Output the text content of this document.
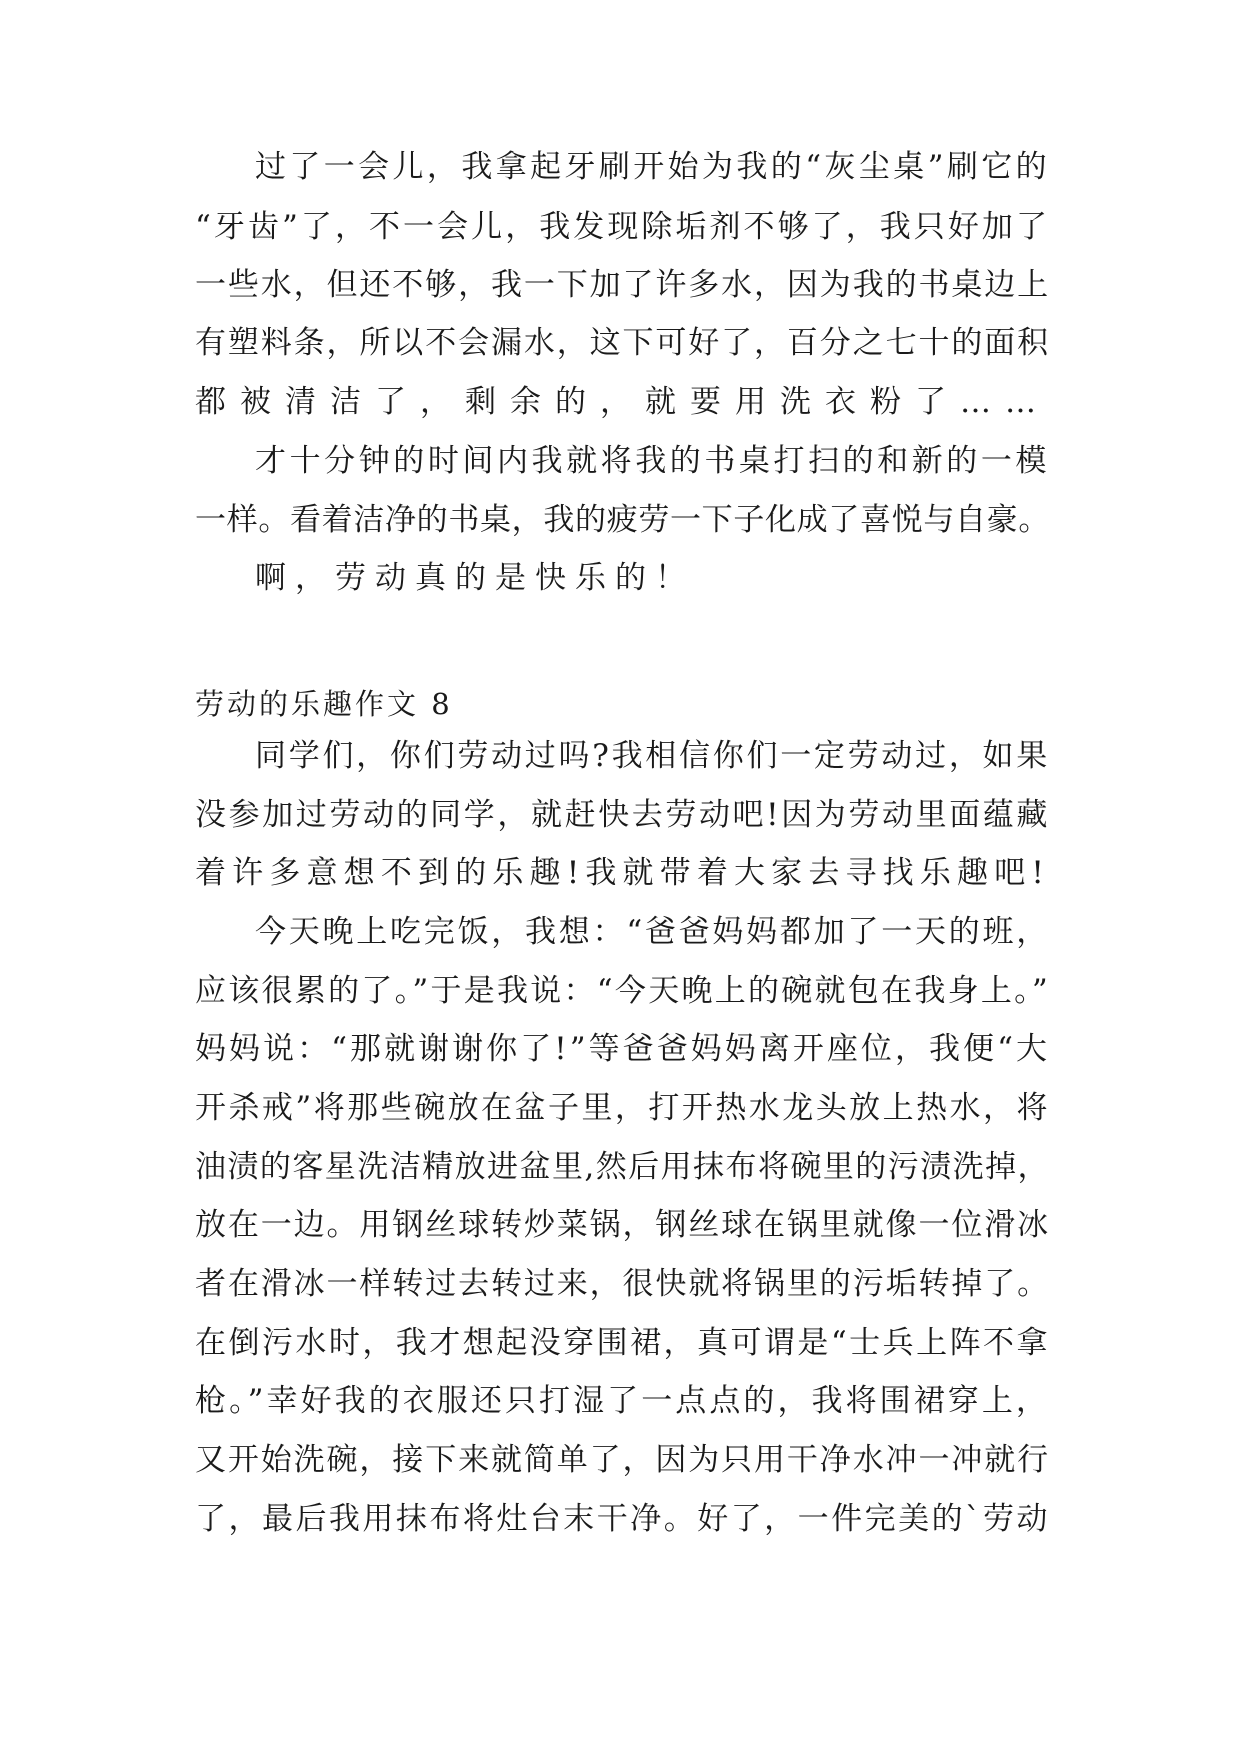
过了一会儿，我拿起牙刷开始为我的“灰尘桌”刷它的
“牙齿”了，不一会儿，我发现除垢剂不够了，我只好加了
一些水，但还不够，我一下加了许多水，因为我的书桌边上
有塑料条，所以不会漏水，这下可好了，百分之七十的面积
都被清洁了，剩余的，就要用洗衣粉了……
才十分钟的时间内我就将我的书桌打扫的和新的一模
一样。看着洁净的书桌，我的疲劳一下子化成了喜悦与自豪。
啊，劳动真的是快乐的！
劳动的乐趣作文 8
同学们，你们劳动过吗?我相信你们一定劳动过，如果
没参加过劳动的同学，就赶快去劳动吧!因为劳动里面蕴藏
着许多意想不到的乐趣!我就带着大家去寻找乐趣吧!
今天晚上吃完饭，我想：“爸爸妈妈都加了一天的班，
应该很累的了。”于是我说：“今天晚上的碗就包在我身上。”
妈妈说：“那就谢谢你了!”等爸爸妈妈离开座位，我便“大
开杀戒”将那些碗放在盆子里，打开热水龙头放上热水，将
油渍的客星洗洁精放进盆里,然后用抹布将碗里的污渍洗掉，
放在一边。用钢丝球转炒菜锅，钢丝球在锅里就像一位滑冰
者在滑冰一样转过去转过来，很快就将锅里的污垢转掉了。
在倒污水时，我才想起没穿围裙，真可谓是“士兵上阵不拿
枪。”幸好我的衣服还只打湿了一点点的，我将围裙穿上，
又开始洗碗，接下来就简单了，因为只用干净水冲一冲就行
了，最后我用抹布将灶台末干净。好了，一件完美的`劳动
